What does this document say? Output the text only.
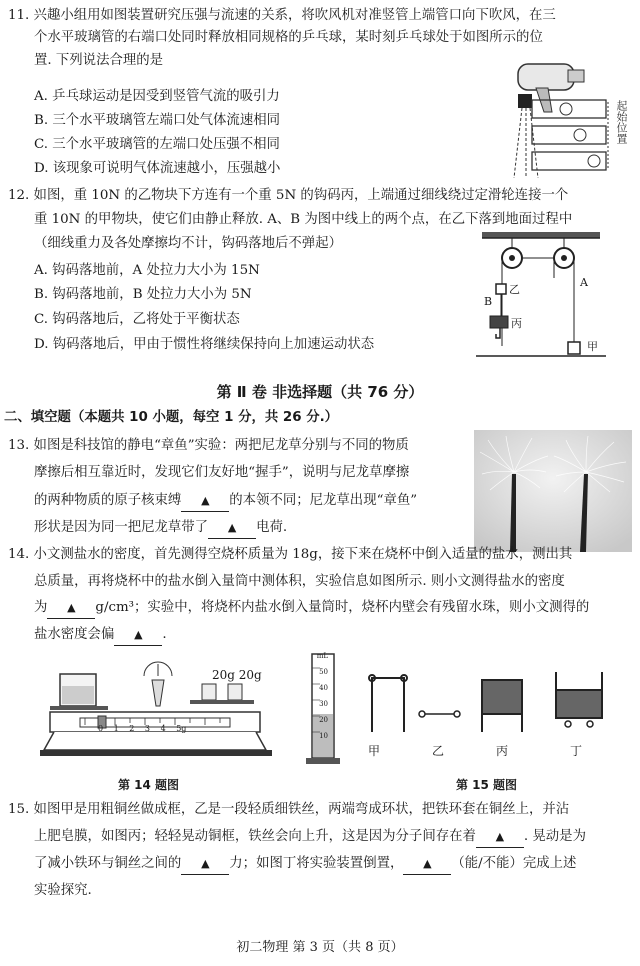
11. 兴趣小组用如图装置研究压强与流速的关系，将吹风机对准竖管上端管口向下吹风，在三
个水平玻璃管的右端口处同时释放相同规格的乒乓球，某时刻乒乓球处于如图所示的位
置. 下列说法合理的是
A. 乒乓球运动是因受到竖管气流的吸引力
B. 三个水平玻璃管左端口处气体流速相同
C. 三个水平玻璃管的左端口处压强不相同
D. 该现象可说明气体流速越小，压强越小
起始位置
12. 如图，重 10N 的乙物块下方连有一个重 5N 的钩码丙，上端通过细线绕过定滑轮连接一个
重 10N 的甲物块，使它们由静止释放. A、B 为图中线上的两个点，在乙下落到地面过程中
（细线重力及各处摩擦均不计，钩码落地后不弹起）
A. 钩码落地前，A 处拉力大小为 15N
B. 钩码落地前，B 处拉力大小为 5N
C. 钩码落地后，乙将处于平衡状态
D. 钩码落地后，甲由于惯性将继续保持向上加速运动状态
A
B
乙
丙
甲
第 Ⅱ 卷 非选择题（共 76 分）
二、填空题（本题共 10 小题，每空 1 分，共 26 分.）
13. 如图是科技馆的静电“章鱼”实验：两把尼龙草分别与不同的物质
摩擦后相互靠近时，发现它们友好地“握手”，说明与尼龙草摩擦
的两种物质的原子核束缚 ▲ 的本领不同；尼龙草出现“章鱼”
形状是因为同一把尼龙草带了 ▲ 电荷.
14. 小文测盐水的密度，首先测得空烧杯质量为 18g，接下来在烧杯中倒入适量的盐水，测出其
总质量，再将烧杯中的盐水倒入量筒中测体积，实验信息如图所示. 则小文测得盐水的密度
为 ▲ g/cm³；实验中，将烧杯内盐水倒入量筒时，烧杯内壁会有残留水珠，则小文测得的
盐水密度会偏 ▲ .
20g 20g
0 1 2 3 4 5g
mL
50
40
30
20
10
第 14 题图
甲	乙	丙	丁
第 15 题图
15. 如图甲是用粗铜丝做成框，乙是一段轻质细铁丝，两端弯成环状，把铁环套在铜丝上，并沾
上肥皂膜，如图丙；轻轻晃动铜框，铁丝会向上升，这是因为分子间存在着 ▲ . 晃动是为
了减小铁环与铜丝之间的 ▲ 力；如图丁将实验装置倒置， ▲ （能/不能）完成上述
实验探究.
初二物理 第 3 页（共 8 页）
